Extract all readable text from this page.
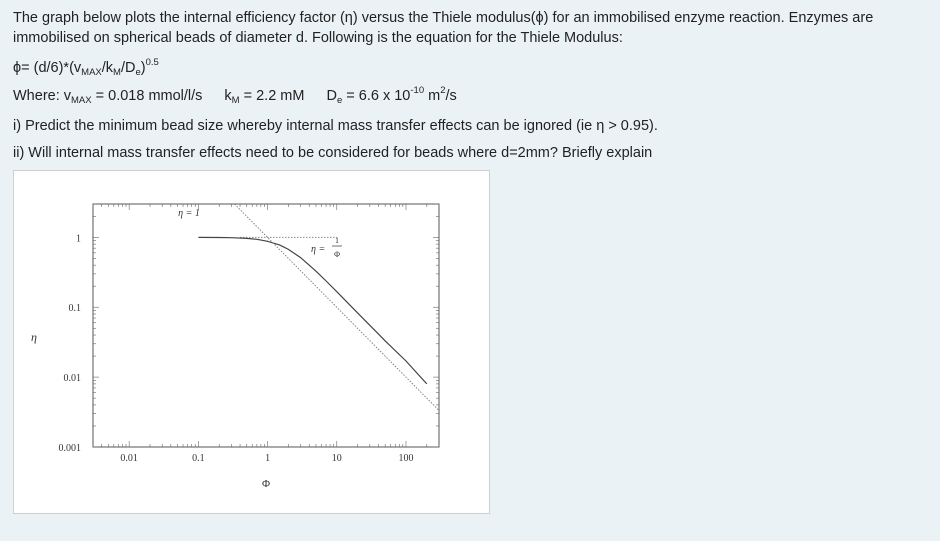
The graph below plots the internal efficiency factor (η) versus the Thiele modulus(ϕ) for an immobilised enzyme reaction. Enzymes are immobilised on spherical beads of diameter d. Following is the equation for the Thiele Modulus:
$\phi= (d/6)*(v_{MAX}/k_M/D_e)^{0.5}$
Where: $v_{MAX} = 0.018$ mmol/l/s $k_M = 2.2$ mM $D_e = 6.6$ x $10^{-10}$ $m^2/s$
i) Predict the minimum bead size whereby internal mass transfer effects can be ignored (ie η > 0.95).
ii) Will internal mass transfer effects need to be considered for beads where d=2mm? Briefly explain
0.01	0.1	1	10	100
0.001
0.01
0.1
1
η = 1
η =
1
Φ
η
Φ
